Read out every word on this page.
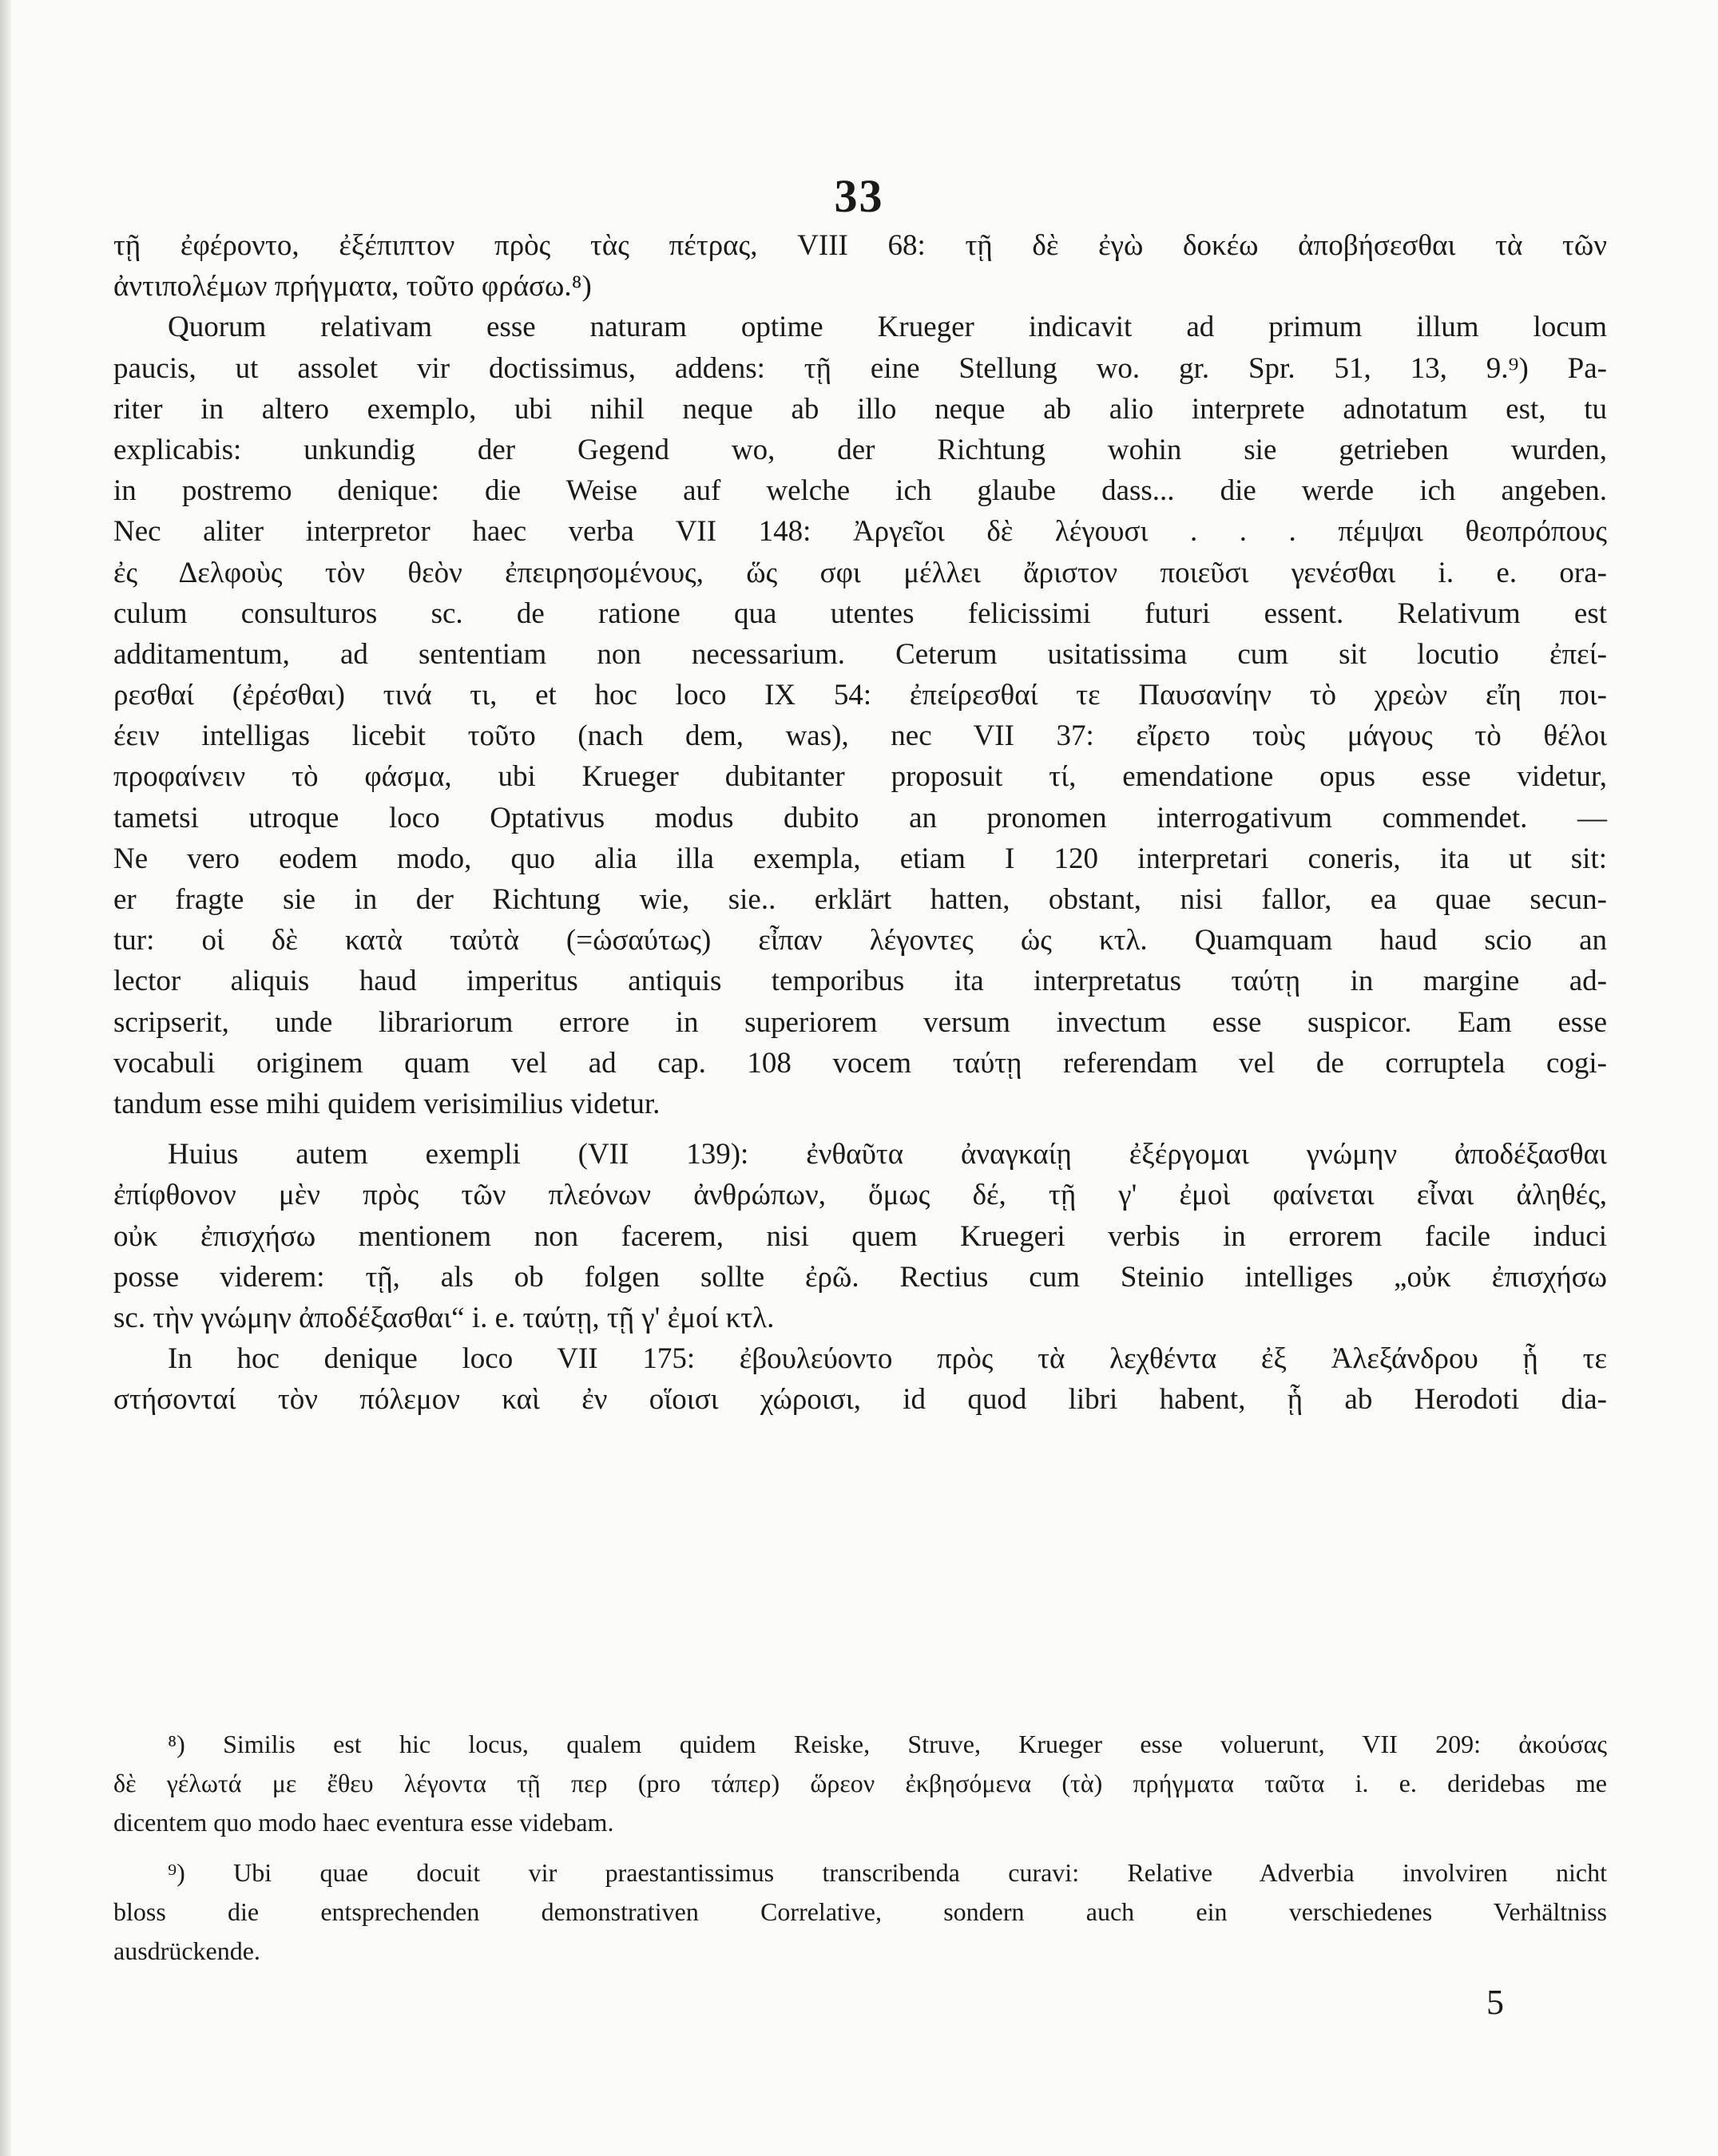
33
τῇ ἐφέροντο, ἐξέπιπτον πρὸς τὰς πέτρας, VIII 68: τῇ δὲ ἐγὼ δοκέω ἀποβήσεσθαι τὰ τῶν
ἀντιπολέμων πρήγματα, τοῦτο φράσω.⁸)
Quorum relativam esse naturam optime Krueger indicavit ad primum illum locum
paucis, ut assolet vir doctissimus, addens: τῇ eine Stellung wo. gr. Spr. 51, 13, 9.⁹) Pa-
riter in altero exemplo, ubi nihil neque ab illo neque ab alio interprete adnotatum est, tu
explicabis: unkundig der Gegend wo, der Richtung wohin sie getrieben wurden,
in postremo denique: die Weise auf welche ich glaube dass... die werde ich angeben.
Nec aliter interpretor haec verba VII 148: Ἀργεῖοι δὲ λέγουσι . . . πέμψαι θεοπρόπους
ἐς Δελφοὺς τὸν θεὸν ἐπειρησομένους, ὥς σφι μέλλει ἄριστον ποιεῦσι γενέσθαι i. e. ora-
culum consulturos sc. de ratione qua utentes felicissimi futuri essent. Relativum est
additamentum, ad sententiam non necessarium. Ceterum usitatissima cum sit locutio ἐπεί-
ρεσθαί (ἐρέσθαι) τινά τι, et hoc loco IX 54: ἐπείρεσθαί τε Παυσανίην τὸ χρεὼν εἴη ποι-
έειν intelligas licebit τοῦτο (nach dem, was), nec VII 37: εἴρετο τοὺς μάγους τὸ θέλοι
προφαίνειν τὸ φάσμα, ubi Krueger dubitanter proposuit τί, emendatione opus esse videtur,
tametsi utroque loco Optativus modus dubito an pronomen interrogativum commendet. —
Ne vero eodem modo, quo alia illa exempla, etiam I 120 interpretari coneris, ita ut sit:
er fragte sie in der Richtung wie, sie.. erklärt hatten, obstant, nisi fallor, ea quae secun-
tur: οἱ δὲ κατὰ ταὐτὰ (=ὡσαύτως) εἶπαν λέγοντες ὡς κτλ. Quamquam haud scio an
lector aliquis haud imperitus antiquis temporibus ita interpretatus ταύτῃ in margine ad-
scripserit, unde librariorum errore in superiorem versum invectum esse suspicor. Eam esse
vocabuli originem quam vel ad cap. 108 vocem ταύτῃ referendam vel de corruptela cogi-
tandum esse mihi quidem verisimilius videtur.
Huius autem exempli (VII 139): ἐνθαῦτα ἀναγκαίῃ ἐξέργομαι γνώμην ἀποδέξασθαι
ἐπίφθονον μὲν πρὸς τῶν πλεόνων ἀνθρώπων, ὅμως δέ, τῇ γ' ἐμοὶ φαίνεται εἶναι ἀληθές,
οὐκ ἐπισχήσω mentionem non facerem, nisi quem Kruegeri verbis in errorem facile induci
posse viderem: τῇ, als ob folgen sollte ἐρῶ. Rectius cum Steinio intelliges „οὐκ ἐπισχήσω
sc. τὴν γνώμην ἀποδέξασθαι“ i. e. ταύτῃ, τῇ γ' ἐμοί κτλ.
In hoc denique loco VII 175: ἐβουλεύοντο πρὸς τὰ λεχθέντα ἐξ Ἀλεξάνδρου ᾗ τε
στήσονταί τὸν πόλεμον καὶ ἐν οἵοισι χώροισι, id quod libri habent, ᾗ ab Herodoti dia-
⁸) Similis est hic locus, qualem quidem Reiske, Struve, Krueger esse voluerunt, VII 209: ἀκούσας
δὲ γέλωτά με ἔθευ λέγοντα τῇ περ (pro τάπερ) ὥρεον ἐκβησόμενα (τὰ) πρήγματα ταῦτα i. e. deridebas me
dicentem quo modo haec eventura esse videbam.
⁹) Ubi quae docuit vir praestantissimus transcribenda curavi: Relative Adverbia involviren nicht
bloss die entsprechenden demonstrativen Correlative, sondern auch ein verschiedenes Verhältniss
ausdrückende.
5
